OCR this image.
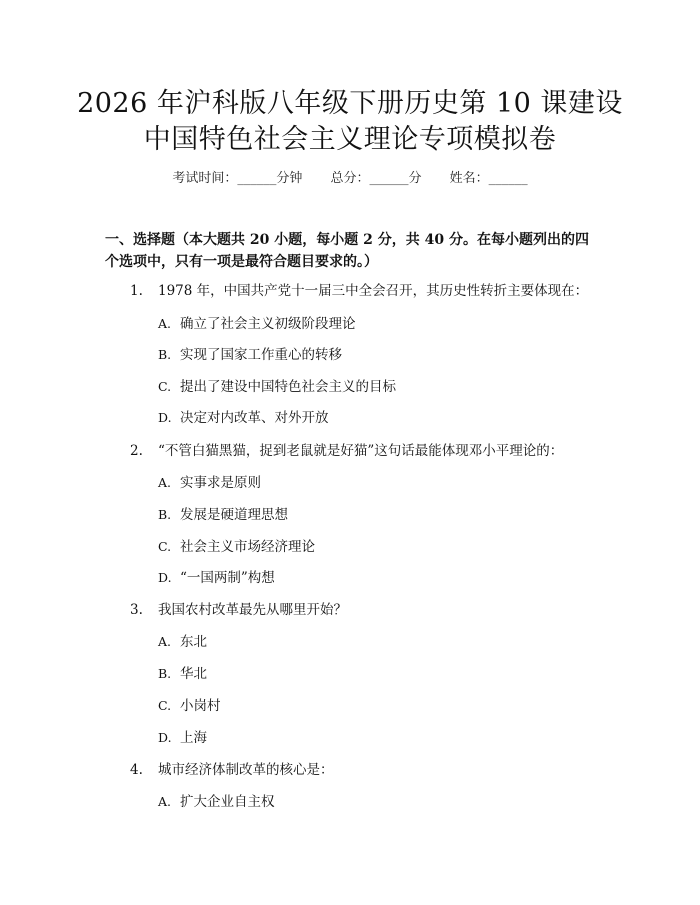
2026 年沪科版八年级下册历史第 10 课建设
中国特色社会主义理论专项模拟卷
考试时间：______分钟 总分：______分 姓名：______
一、选择题（本大题共 20 小题，每小题 2 分，共 40 分。在每小题列出的四个选项中，只有一项是最符合题目要求的。）
1. 1978 年，中国共产党十一届三中全会召开，其历史性转折主要体现在：
A. 确立了社会主义初级阶段理论
B. 实现了国家工作重心的转移
C. 提出了建设中国特色社会主义的目标
D. 决定对内改革、对外开放
2. “不管白猫黑猫，捉到老鼠就是好猫”这句话最能体现邓小平理论的：
A. 实事求是原则
B. 发展是硬道理思想
C. 社会主义市场经济理论
D. “一国两制”构想
3. 我国农村改革最先从哪里开始？
A. 东北
B. 华北
C. 小岗村
D. 上海
4. 城市经济体制改革的核心是：
A. 扩大企业自主权
